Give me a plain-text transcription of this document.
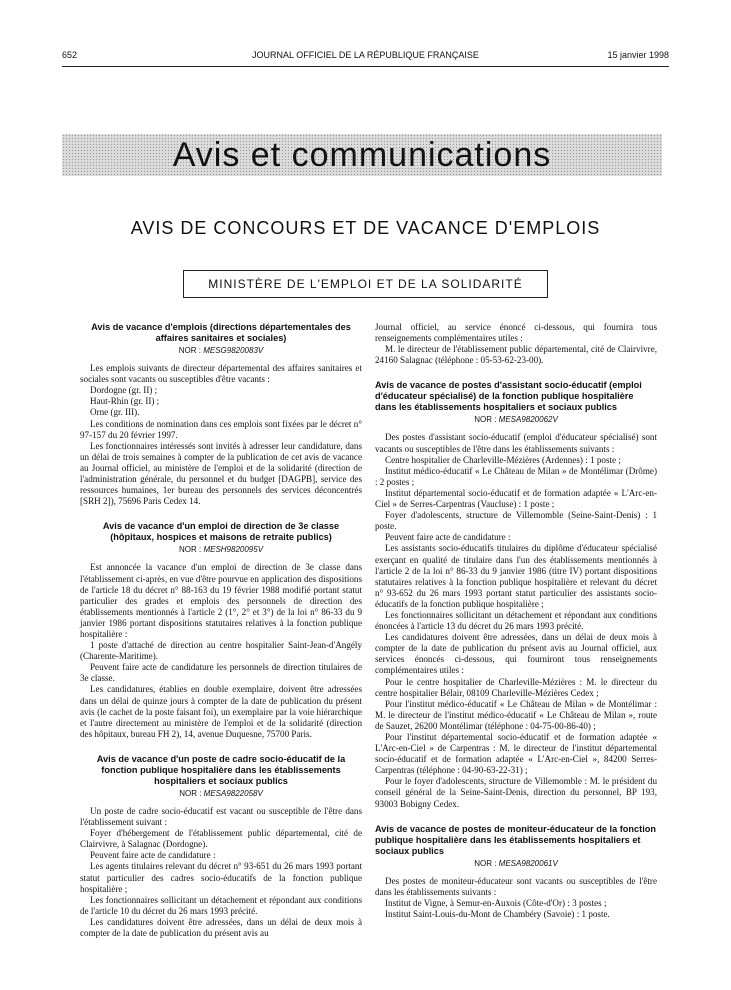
652	JOURNAL OFFICIEL DE LA RÉPUBLIQUE FRANÇAISE	15 janvier 1998
Avis et communications
AVIS DE CONCOURS ET DE VACANCE D'EMPLOIS
MINISTÈRE DE L'EMPLOI ET DE LA SOLIDARITÉ
Avis de vacance d'emplois (directions départementales des affaires sanitaires et sociales)
NOR : MESG9820083V

Les emplois suivants de directeur départemental des affaires sanitaires et sociales sont vacants ou susceptibles d'être vacants :

Dordogne (gr. II) ;

Haut-Rhin (gr. II) ;

Orne (gr. III).

Les conditions de nomination dans ces emplois sont fixées par le décret n° 97-157 du 20 février 1997.

Les fonctionnaires intéressés sont invités à adresser leur candidature, dans un délai de trois semaines à compter de la publication de cet avis de vacance au Journal officiel, au ministère de l'emploi et de la solidarité (direction de l'administration générale, du personnel et du budget [DAGPB], service des ressources humaines, 1er bureau des personnels des services déconcentrés [SRH 2]), 75696 Paris Cedex 14.

Avis de vacance d'un emploi de direction de 3e classe (hôpitaux, hospices et maisons de retraite publics)
NOR : MESH9820095V

Est annoncée la vacance d'un emploi de direction de 3e classe dans l'établissement ci-après, en vue d'être pourvue en application des dispositions de l'article 18 du décret n° 88-163 du 19 février 1988 modifié portant statut particulier des grades et emplois des personnels de direction des établissements mentionnés à l'article 2 (1°, 2° et 3°) de la loi n° 86-33 du 9 janvier 1986 portant dispositions statutaires relatives à la fonction publique hospitalière :

1 poste d'attaché de direction au centre hospitalier Saint-Jean-d'Angély (Charente-Maritime).

Peuvent faire acte de candidature les personnels de direction titulaires de 3e classe.

Les candidatures, établies en double exemplaire, doivent être adressées dans un délai de quinze jours à compter de la date de publication du présent avis (le cachet de la poste faisant foi), un exemplaire par la voie hiérarchique et l'autre directement au ministère de l'emploi et de la solidarité (direction des hôpitaux, bureau FH 2), 14, avenue Duquesne, 75700 Paris.

Avis de vacance d'un poste de cadre socio-éducatif de la fonction publique hospitalière dans les établissements hospitaliers et sociaux publics
NOR : MESA9822058V

Un poste de cadre socio-éducatif est vacant ou susceptible de l'être dans l'établissement suivant :

Foyer d'hébergement de l'établissement public départemental, cité de Clairvivre, à Salagnac (Dordogne).

Peuvent faire acte de candidature :

Les agents titulaires relevant du décret n° 93-651 du 26 mars 1993 portant statut particulier des cadres socio-éducatifs de la fonction publique hospitalière ;

Les fonctionnaires sollicitant un détachement et répondant aux conditions de l'article 10 du décret du 26 mars 1993 précité.

Les candidatures doivent être adressées, dans un délai de deux mois à compter de la date de publication du présent avis au

Journal officiel, au service énoncé ci-dessous, qui fournira tous renseignements complémentaires utiles :

M. le directeur de l'établissement public départemental, cité de Clairvivre, 24160 Salagnac (téléphone : 05-53-62-23-00).

Avis de vacance de postes d'assistant socio-éducatif (emploi d'éducateur spécialisé) de la fonction publique hospitalière dans les établissements hospitaliers et sociaux publics
NOR : MESA9820062V

Des postes d'assistant socio-éducatif (emploi d'éducateur spécialisé) sont vacants ou susceptibles de l'être dans les établissements suivants :

Centre hospitalier de Charleville-Mézières (Ardennes) : 1 poste ;

Institut médico-éducatif « Le Château de Milan » de Montélimar (Drôme) : 2 postes ;

Institut départemental socio-éducatif et de formation adaptée « L'Arc-en-Ciel » de Serres-Carpentras (Vaucluse) : 1 poste ;

Foyer d'adolescents, structure de Villemomble (Seine-Saint-Denis) : 1 poste.

Peuvent faire acte de candidature :

Les assistants socio-éducatifs titulaires du diplôme d'éducateur spécialisé exerçant en qualité de titulaire dans l'un des établissements mentionnés à l'article 2 de la loi n° 86-33 du 9 janvier 1986 (titre IV) portant dispositions statutaires relatives à la fonction publique hospitalière et relevant du décret n° 93-652 du 26 mars 1993 portant statut particulier des assistants socio-éducatifs de la fonction publique hospitalière ;

Les fonctionnaires sollicitant un détachement et répondant aux conditions énoncées à l'article 13 du décret du 26 mars 1993 précité.

Les candidatures doivent être adressées, dans un délai de deux mois à compter de la date de publication du présent avis au Journal officiel, aux services énoncés ci-dessous, qui fourniront tous renseignements complémentaires utiles :

Pour le centre hospitalier de Charleville-Mézières : M. le directeur du centre hospitalier Bélair, 08109 Charleville-Mézières Cedex ;

Pour l'institut médico-éducatif « Le Château de Milan » de Montélimar : M. le directeur de l'institut médico-éducatif « Le Château de Milan », route de Sauzet, 26200 Montélimar (téléphone : 04-75-00-86-40) ;

Pour l'institut départemental socio-éducatif et de formation adaptée « L'Arc-en-Ciel » de Carpentras : M. le directeur de l'institut départemental socio-éducatif et de formation adaptée « L'Arc-en-Ciel », 84200 Serres-Carpentras (téléphone : 04-90-63-22-31) ;

Pour le foyer d'adolescents, structure de Villemomble : M. le président du conseil général de la Seine-Saint-Denis, direction du personnel, BP 193, 93003 Bobigny Cedex.

Avis de vacance de postes de moniteur-éducateur de la fonction publique hospitalière dans les établissements hospitaliers et sociaux publics
NOR : MESA9820061V

Des postes de moniteur-éducateur sont vacants ou susceptibles de l'être dans les établissements suivants :

Institut de Vigne, à Semur-en-Auxois (Côte-d'Or) : 3 postes ;

Institut Saint-Louis-du-Mont de Chambéry (Savoie) : 1 poste.
